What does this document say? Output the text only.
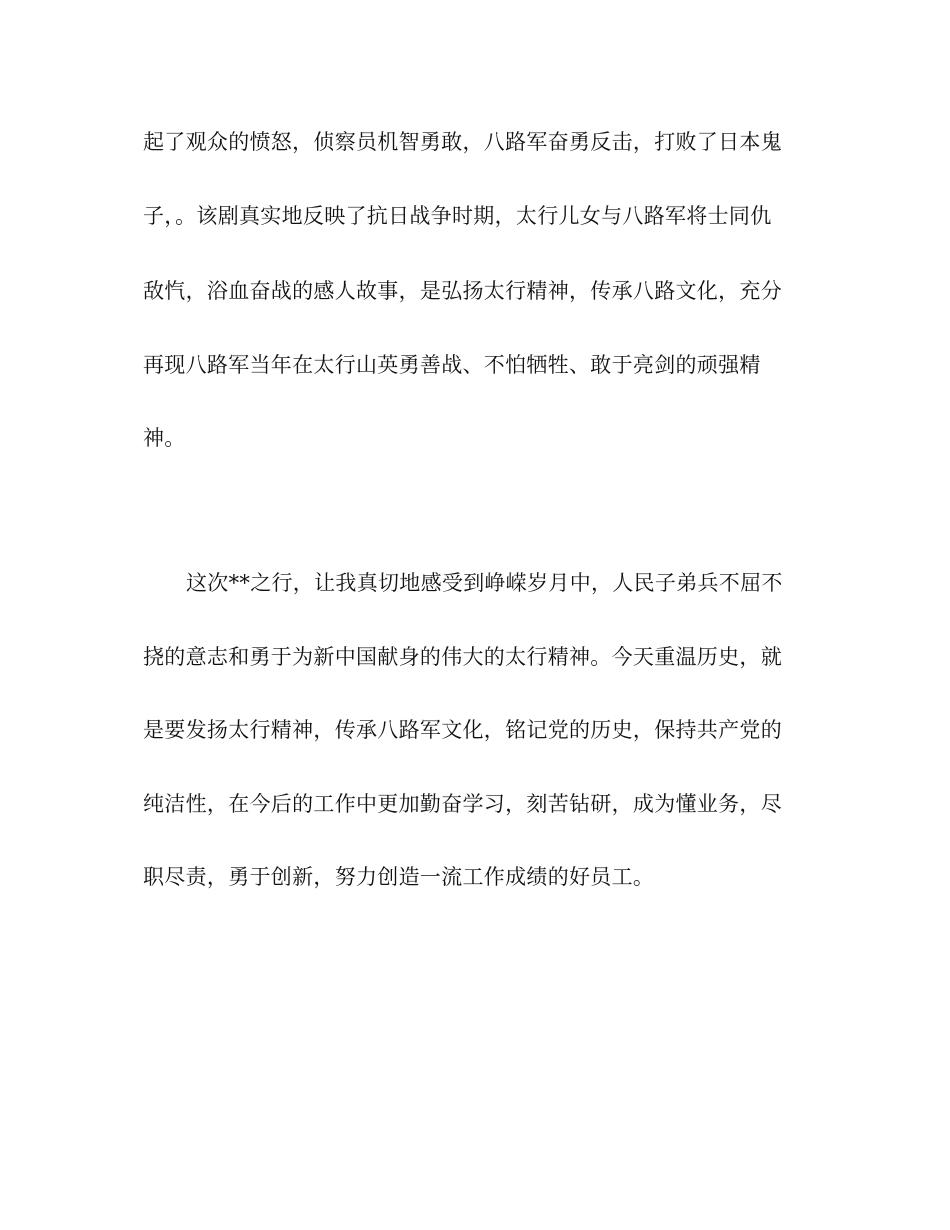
起了观众的愤怒，侦察员机智勇敢，八路军奋勇反击，打败了日本鬼
子，。该剧真实地反映了抗日战争时期，太行儿女与八路军将士同仇
敌忾，浴血奋战的感人故事，是弘扬太行精神，传承八路文化，充分
再现八路军当年在太行山英勇善战、不怕牺牲、敢于亮剑的顽强精
神。
这次**之行，让我真切地感受到峥嵘岁月中，人民子弟兵不屈不
挠的意志和勇于为新中国献身的伟大的太行精神。今天重温历史，就
是要发扬太行精神，传承八路军文化，铭记党的历史，保持共产党的
纯洁性，在今后的工作中更加勤奋学习，刻苦钻研，成为懂业务，尽
职尽责，勇于创新，努力创造一流工作成绩的好员工。
